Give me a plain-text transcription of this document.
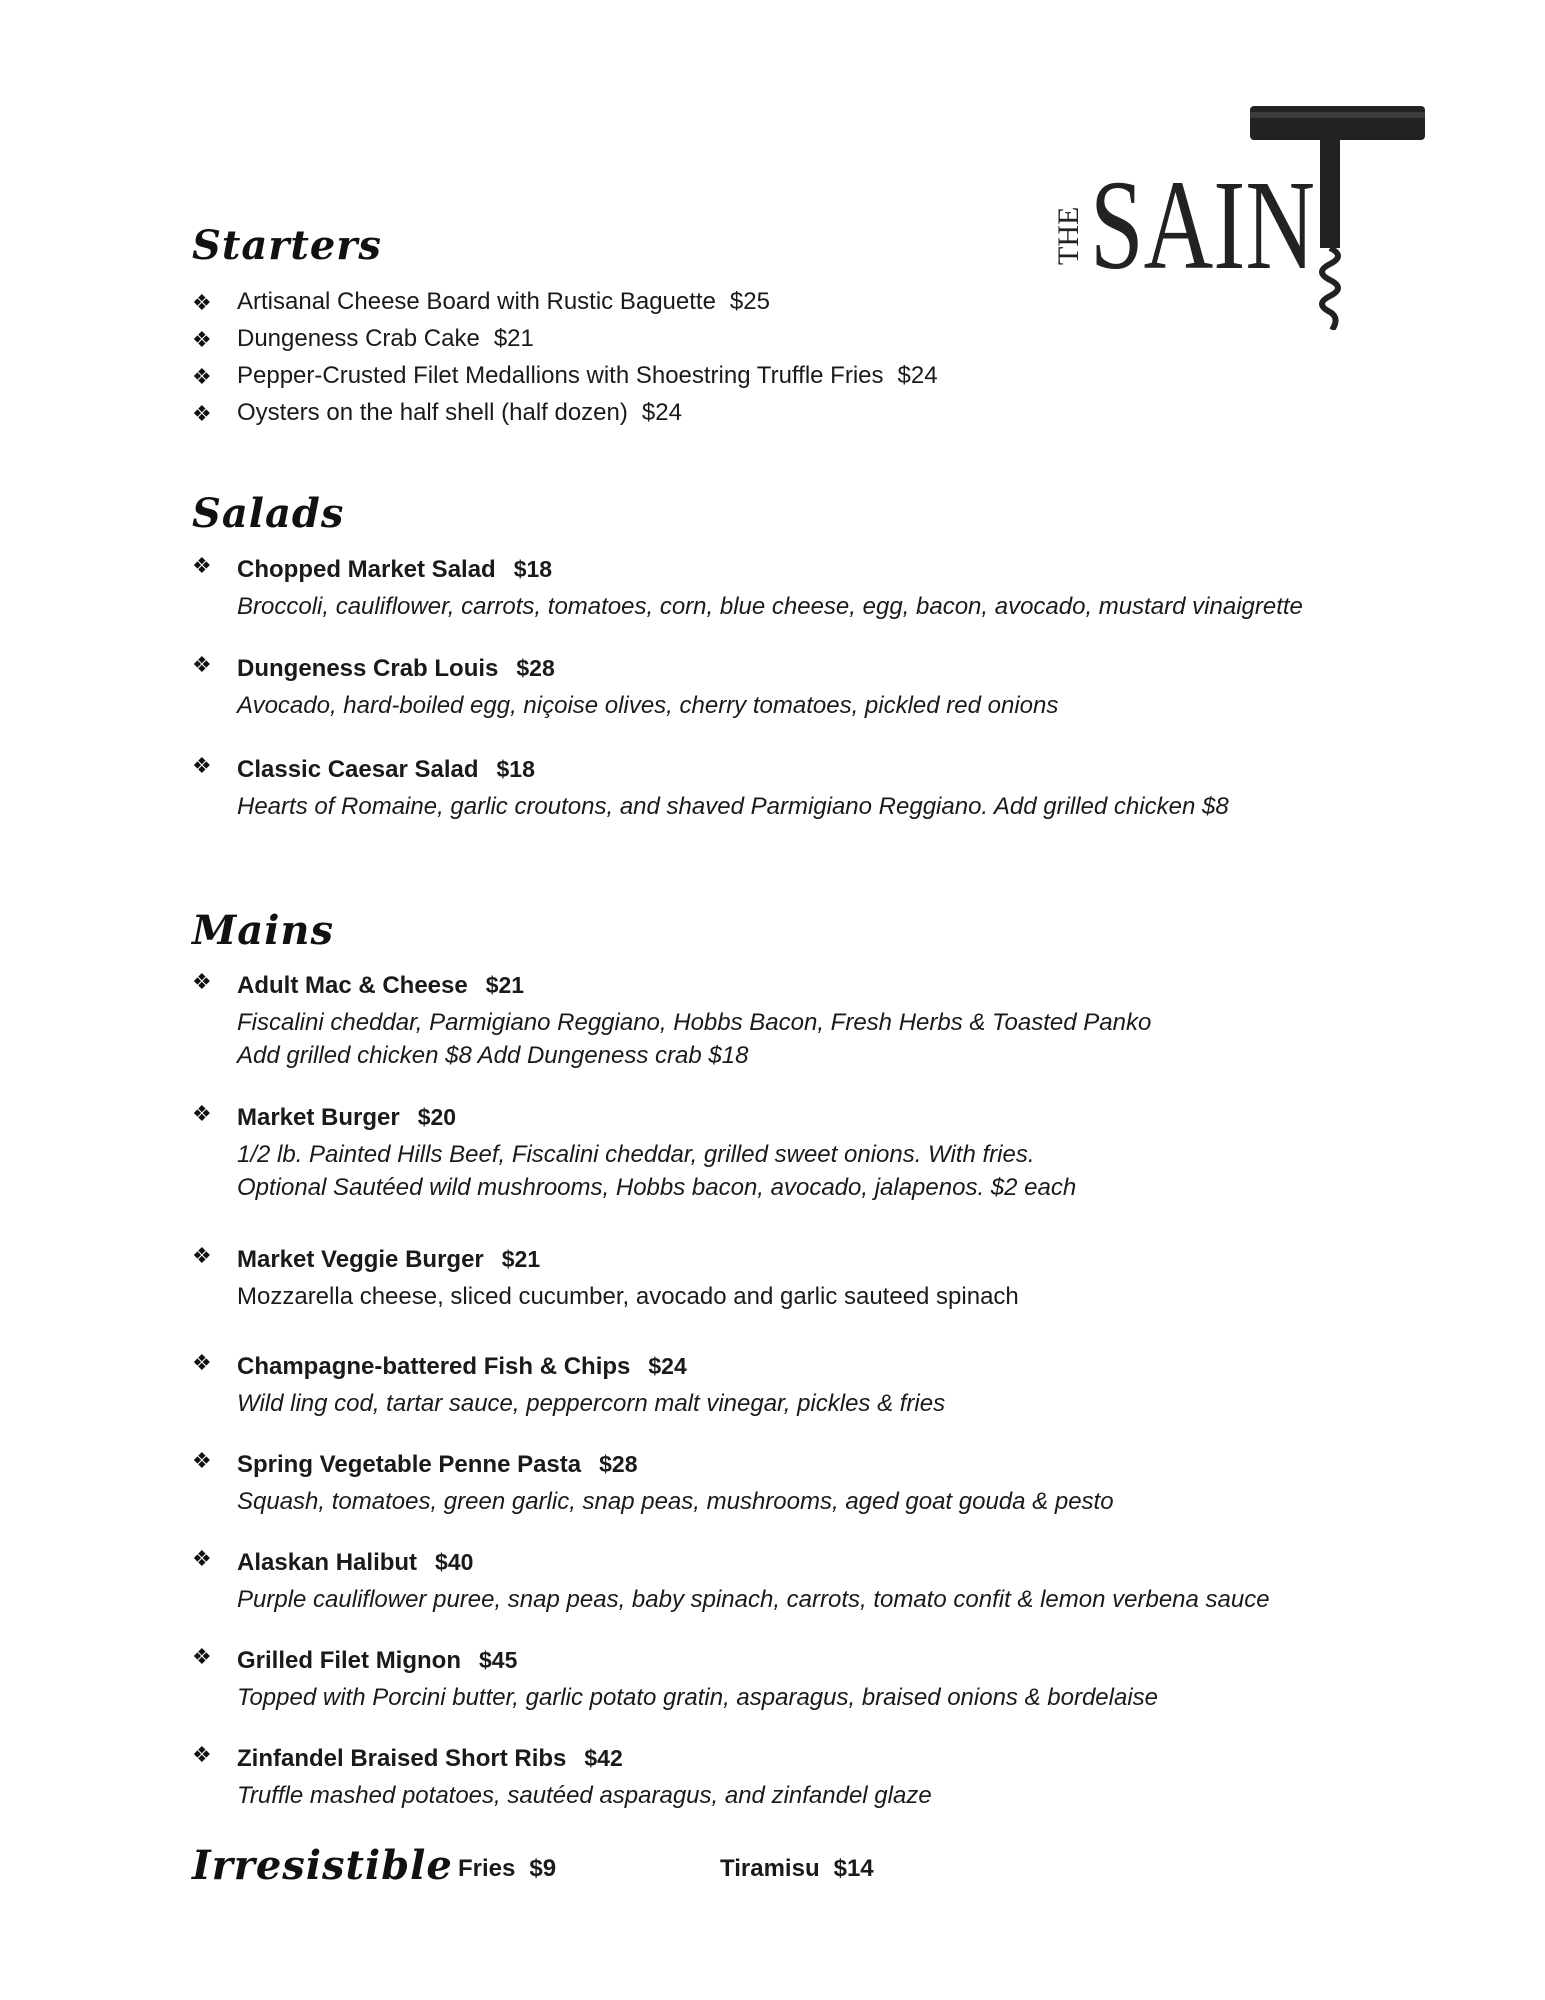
THE SAIN
Starters
❖ Artisanal Cheese Board with Rustic Baguette $25
❖ Dungeness Crab Cake $21
❖ Pepper-Crusted Filet Medallions with Shoestring Truffle Fries $24
❖ Oysters on the half shell (half dozen) $24
Salads
❖ Chopped Market Salad $18
Broccoli, cauliflower, carrots, tomatoes, corn, blue cheese, egg, bacon, avocado, mustard vinaigrette
❖ Dungeness Crab Louis $28
Avocado, hard-boiled egg, niçoise olives, cherry tomatoes, pickled red onions
❖ Classic Caesar Salad $18
Hearts of Romaine, garlic croutons, and shaved Parmigiano Reggiano. Add grilled chicken $8
Mains
❖ Adult Mac & Cheese $21
Fiscalini cheddar, Parmigiano Reggiano, Hobbs Bacon, Fresh Herbs & Toasted Panko
Add grilled chicken $8 Add Dungeness crab $18
❖ Market Burger $20
1/2 lb. Painted Hills Beef, Fiscalini cheddar, grilled sweet onions. With fries.
Optional Sautéed wild mushrooms, Hobbs bacon, avocado, jalapenos. $2 each
❖ Market Veggie Burger $21
Mozzarella cheese, sliced cucumber, avocado and garlic sauteed spinach
❖ Champagne-battered Fish & Chips $24
Wild ling cod, tartar sauce, peppercorn malt vinegar, pickles & fries
❖ Spring Vegetable Penne Pasta $28
Squash, tomatoes, green garlic, snap peas, mushrooms, aged goat gouda & pesto
❖ Alaskan Halibut $40
Purple cauliflower puree, snap peas, baby spinach, carrots, tomato confit & lemon verbena sauce
❖ Grilled Filet Mignon $45
Topped with Porcini butter, garlic potato gratin, asparagus, braised onions & bordelaise
❖ Zinfandel Braised Short Ribs $42
Truffle mashed potatoes, sautéed asparagus, and zinfandel glaze
Irresistible Fries $9	Tiramisu $14
